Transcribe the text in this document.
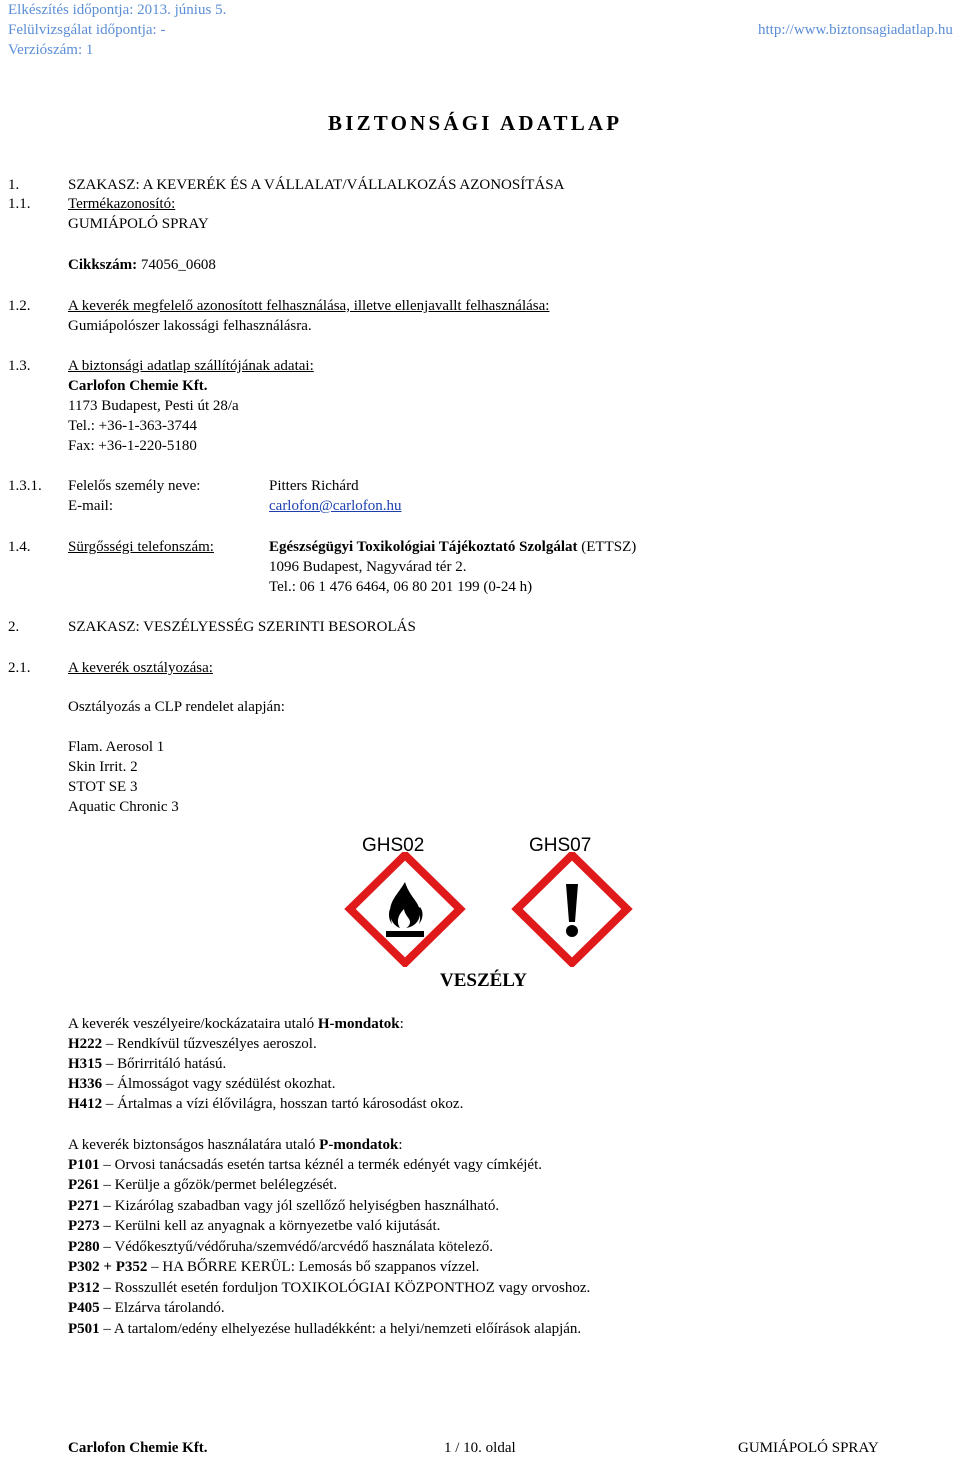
Elkészítés időpontja: 2013. június 5.
Felülvizsgálat időpontja: -
Verziószám: 1
http://www.biztonsagiadatlap.hu
BIZTONSÁGI ADATLAP
1.	SZAKASZ: A KEVERÉK ÉS A VÁLLALAT/VÁLLALKOZÁS AZONOSÍTÁSA
1.1.	Termékazonosító:
GUMIÁPOLÓ SPRAY
Cikkszám: 74056_0608
1.2.	A keverék megfelelő azonosított felhasználása, illetve ellenjavallt felhasználása:
Gumiápolószer lakossági felhasználásra.
1.3.	A biztonsági adatlap szállítójának adatai:
Carlofon Chemie Kft.
1173 Budapest, Pesti út 28/a
Tel.: +36-1-363-3744
Fax: +36-1-220-5180
1.3.1. Felelős személy neve:	Pitters Richárd
E-mail:	carlofon@carlofon.hu
1.4.	Sürgősségi telefonszám:	Egészségügyi Toxikológiai Tájékoztató Szolgálat (ETTSZ)
1096 Budapest, Nagyvárad tér 2.
Tel.: 06 1 476 6464, 06 80 201 199 (0-24 h)
2.	SZAKASZ: VESZÉLYESSÉG SZERINTI BESOROLÁS
2.1.	A keverék osztályozása:
Osztályozás a CLP rendelet alapján:
Flam. Aerosol 1
Skin Irrit. 2
STOT SE 3
Aquatic Chronic 3
GHS02	GHS07
VESZÉLY
A keverék veszélyeire/kockázataira utaló H-mondatok:
H222 – Rendkívül tűzveszélyes aeroszol.
H315 – Bőrirritáló hatású.
H336 – Álmosságot vagy szédülést okozhat.
H412 – Ártalmas a vízi élővilágra, hosszan tartó károsodást okoz.
A keverék biztonságos használatára utaló P-mondatok:
P101 – Orvosi tanácsadás esetén tartsa kéznél a termék edényét vagy címkéjét.
P261 – Kerülje a gőzök/permet belélegzését.
P271 – Kizárólag szabadban vagy jól szellőző helyiségben használható.
P273 – Kerülni kell az anyagnak a környezetbe való kijutását.
P280 – Védőkesztyű/védőruha/szemvédő/arcvédő használata kötelező.
P302 + P352 – HA BŐRRE KERÜL: Lemosás bő szappanos vízzel.
P312 – Rosszullét esetén forduljon TOXIKOLÓGIAI KÖZPONTHOZ vagy orvoshoz.
P405 – Elzárva tárolandó.
P501 – A tartalom/edény elhelyezése hulladékként: a helyi/nemzeti előírások alapján.
Carlofon Chemie Kft.	1 / 10. oldal	GUMIÁPOLÓ SPRAY
